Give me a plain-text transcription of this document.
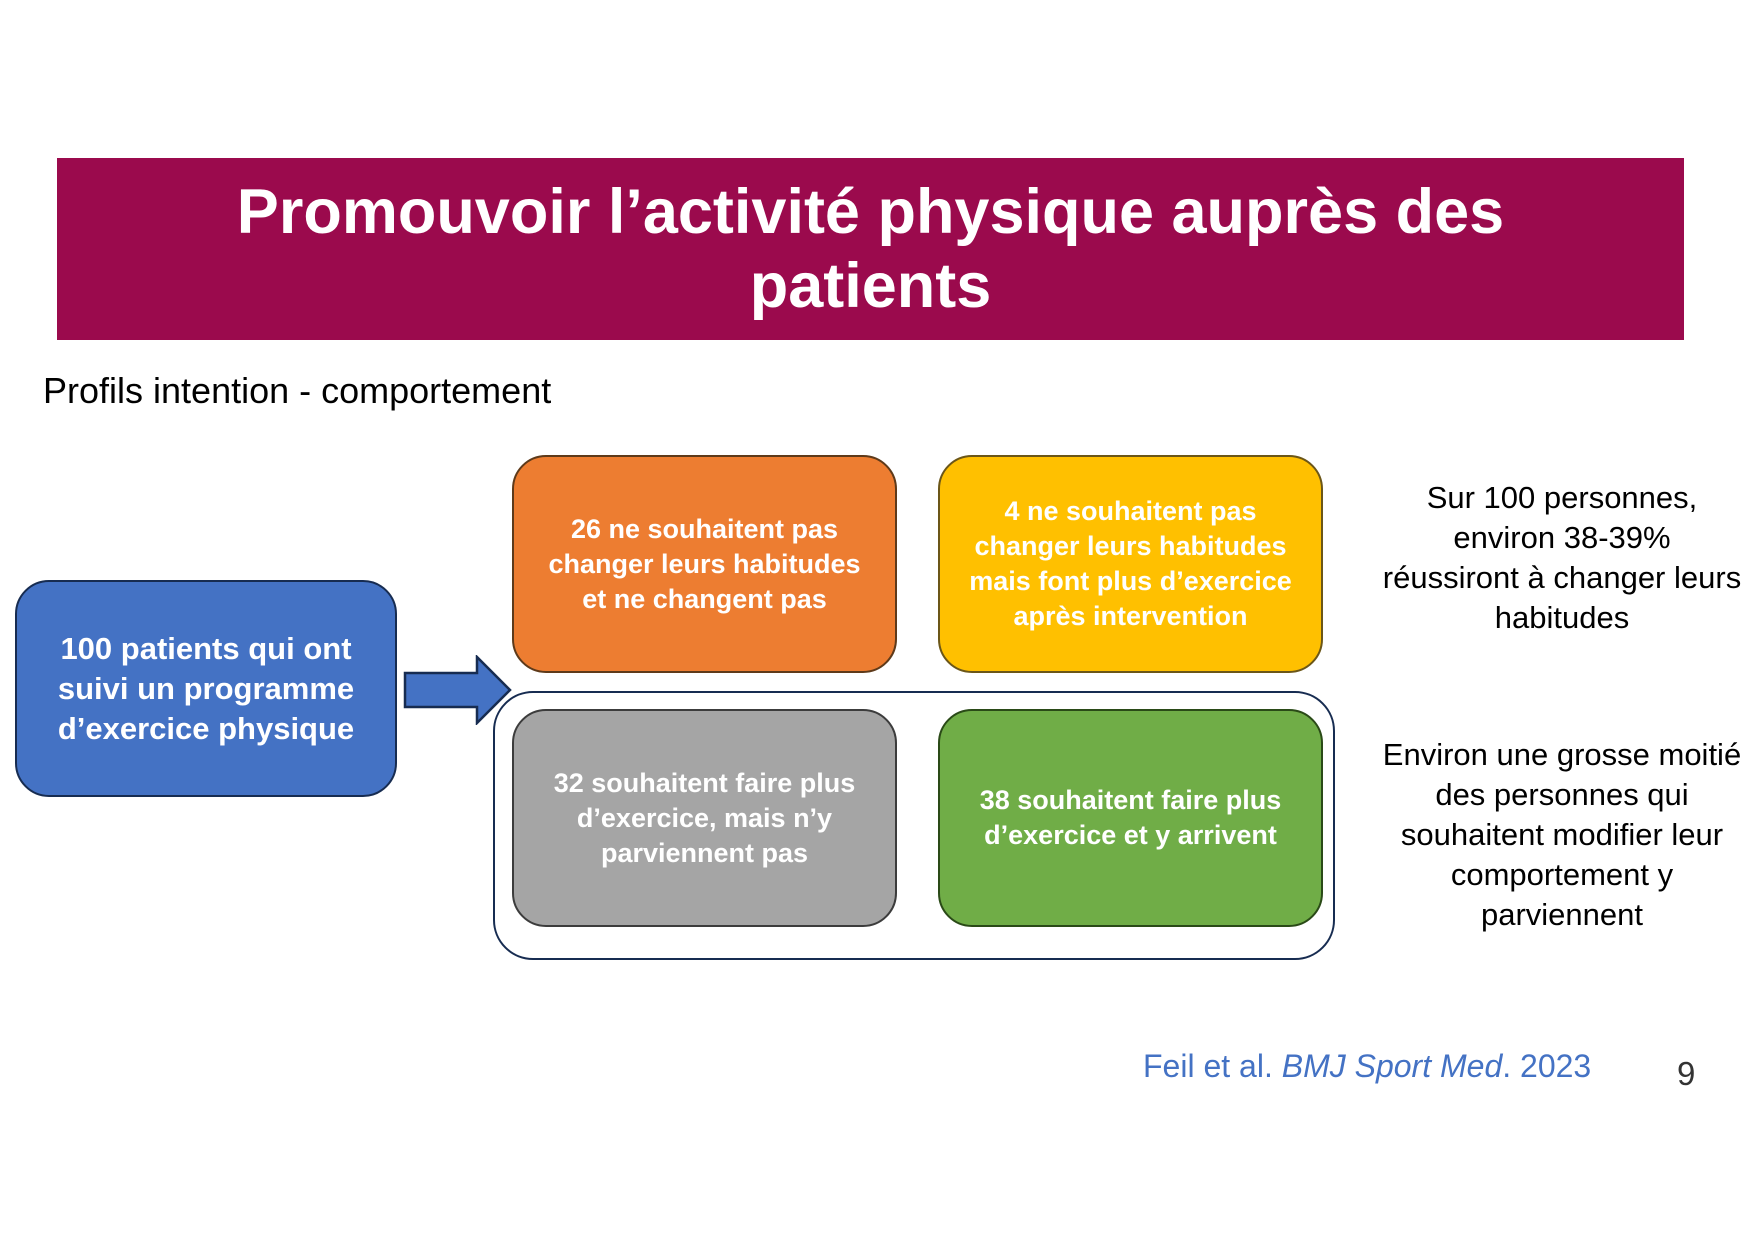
Promouvoir l’activité physique auprès des patients
Profils intention - comportement
100 patients qui ont suivi un programme d’exercice physique
26 ne souhaitent pas changer leurs habitudes et ne changent pas
4 ne souhaitent pas changer leurs habitudes mais font plus d’exercice après intervention
32 souhaitent faire plus d’exercice, mais n’y parviennent pas
38 souhaitent faire plus d’exercice et y arrivent
Sur 100 personnes, environ 38-39% réussiront à changer leurs habitudes
Environ une grosse moitié des personnes qui souhaitent modifier leur comportement y parviennent
Feil et al. BMJ Sport Med. 2023	9
